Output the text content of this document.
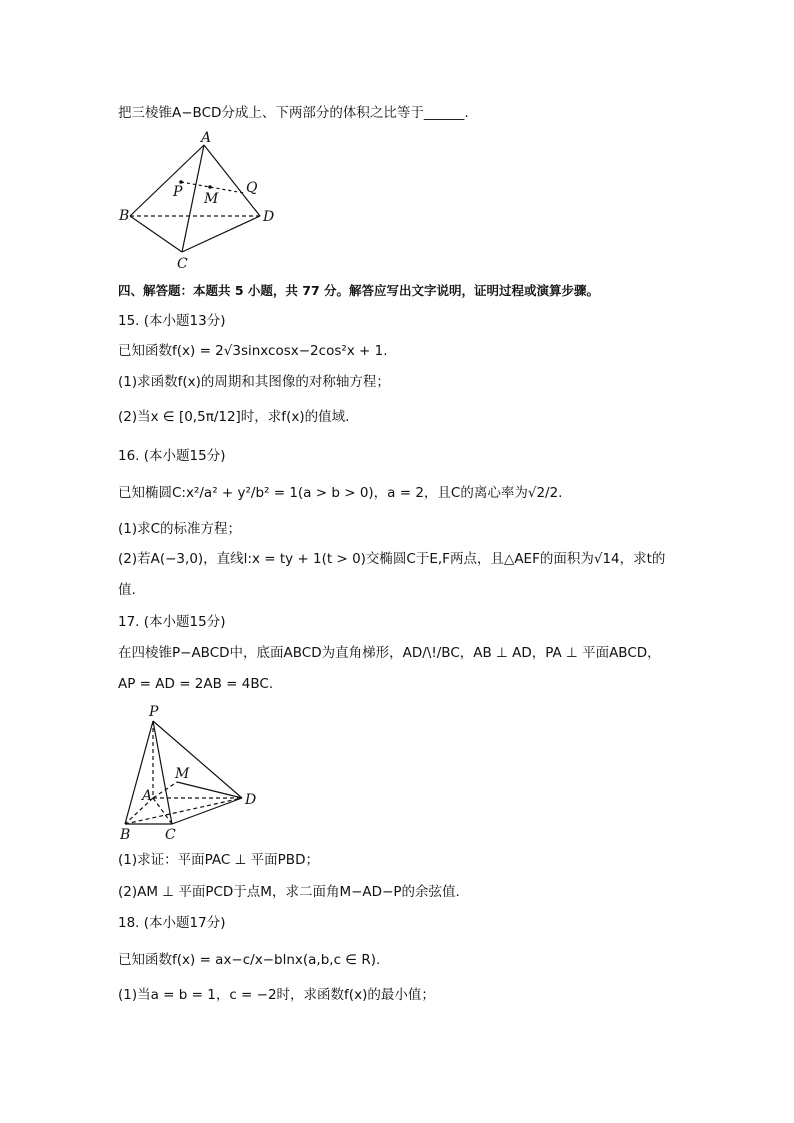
把三棱锥A−BCD分成上、下两部分的体积之比等于______.
A
B
C
D
P	Q
M
四、解答题：本题共 5 小题，共 77 分。解答应写出文字说明，证明过程或演算步骤。
15. (本小题13分)
已知函数f(x) = 2√3sinxcosx−2cos²x + 1.
(1)求函数f(x)的周期和其图像的对称轴方程；
(2)当x ∈ [0,5π/12]时，求f(x)的值域.
16. (本小题15分)
已知椭圆C:x²/a² + y²/b² = 1(a > b > 0)，a = 2，且C的离心率为√2/2.
(1)求C的标准方程；
(2)若A(−3,0)，直线l:x = ty + 1(t > 0)交椭圆C于E,F两点，且△AEF的面积为√14，求t的
值.
17. (本小题15分)
在四棱锥P−ABCD中，底面ABCD为直角梯形，AD/\!/BC，AB ⊥ AD，PA ⊥ 平面ABCD，
AP = AD = 2AB = 4BC.
P
A
B C
D
M
(1)求证：平面PAC ⊥ 平面PBD；
(2)AM ⊥ 平面PCD于点M，求二面角M−AD−P的余弦值.
18. (本小题17分)
已知函数f(x) = ax−c/x−blnx(a,b,c ∈ R).
(1)当a = b = 1，c = −2时，求函数f(x)的最小值；
